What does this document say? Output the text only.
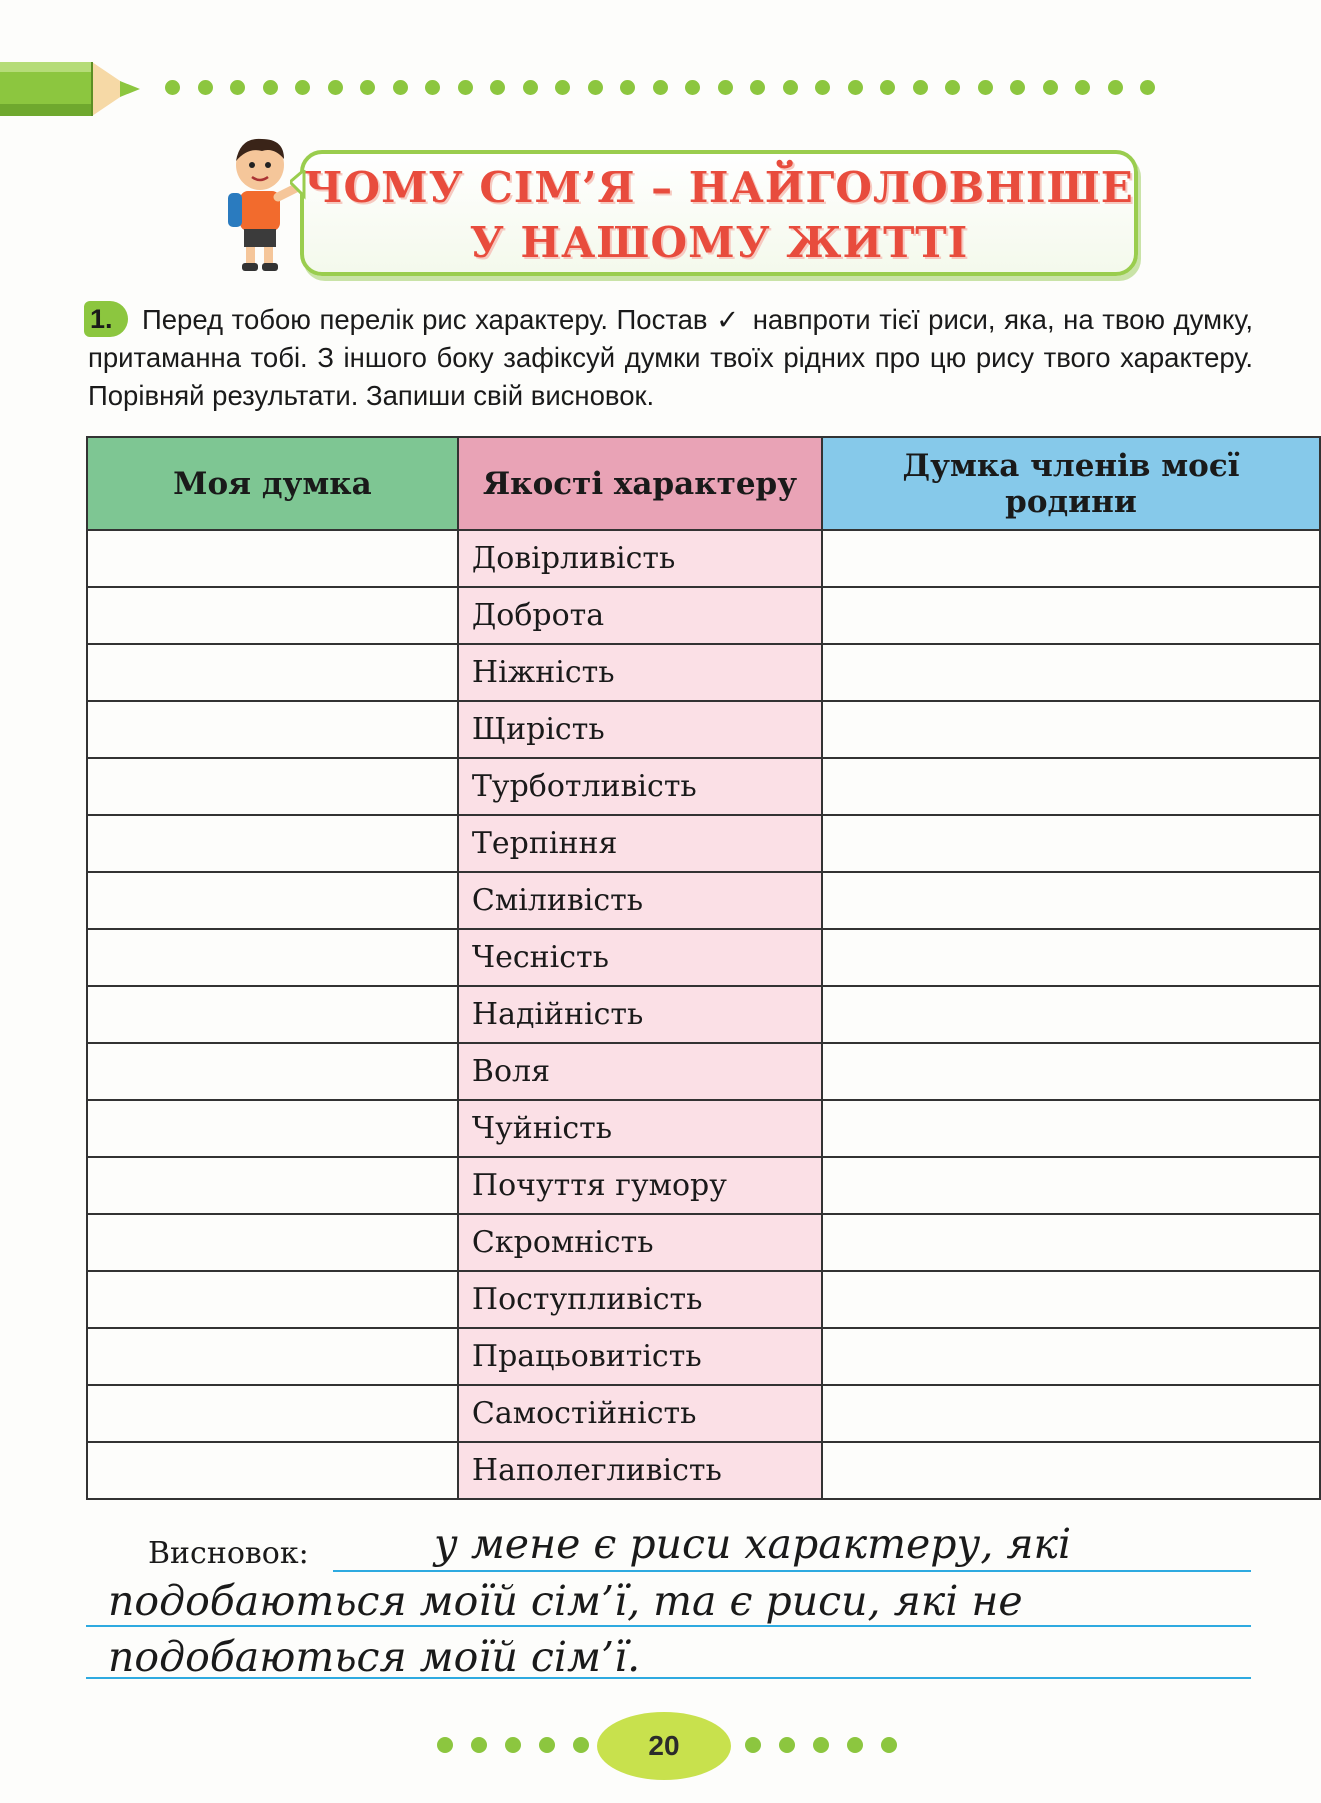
ЧОМУ СІМ’Я – НАЙГОЛОВНІШЕ
У НАШОМУ ЖИТТІ
1.	Перед тобою перелік рис характеру. Постав ✓ навпроти тієї риси, яка, на твою думку, притаманна тобі. З іншого боку зафіксуй думки твоїх рідних про цю рису твого характеру. Порівняй результати. Запиши свій висновок.
Моя думка	Якості характеру	Думка членів моєї родини
	Довірливість	
	Доброта	
	Ніжність	
	Щирість	
	Турботливість	
	Терпіння	
	Сміливість	
	Чесність	
	Надійність	
	Воля	
	Чуйність	
	Почуття гумору	
	Скромність	
	Поступливість	
	Працьовитість	
	Самостійність	
	Наполегливість	
Висновок:	у мене є риси характеру, які
подобаються моїй сім’ї, та є риси, які не
подобаються моїй сім’ї.
20
